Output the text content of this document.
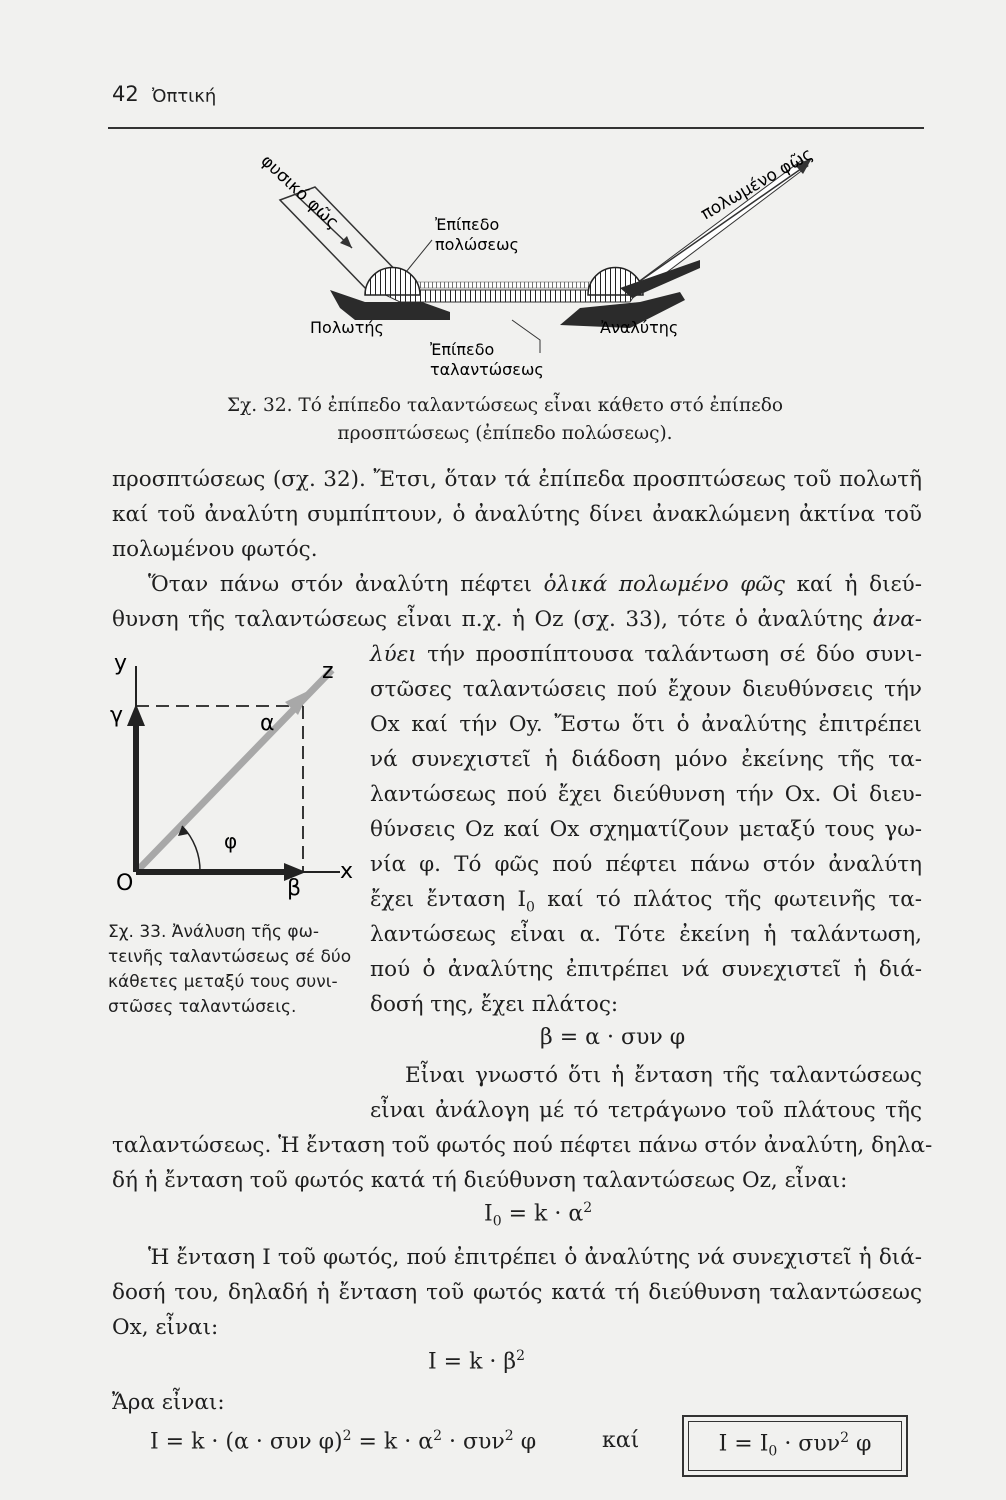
42 Ὀπτική
φυσικό φῶς	πολωμένο φῶς
Ἐπίπεδο
πολώσεως
Πολωτής	Ἀναλύτης
Ἐπίπεδο
ταλαντώσεως
Σχ. 32. Τό ἐπίπεδο ταλαντώσεως εἶναι κάθετο στό ἐπίπεδο
προσπτώσεως (ἐπίπεδο πολώσεως).
προσπτώσεως (σχ. 32). Ἔτσι, ὅταν τά ἐπίπεδα προσπτώσεως τοῦ πολωτῆ
καί τοῦ ἀναλύτη συμπίπτουν, ὁ ἀναλύτης δίνει ἀνακλώμενη ἀκτίνα τοῦ
πολωμένου φωτός.
Ὅταν πάνω στόν ἀναλύτη πέφτει ὁλικά πολωμένο φῶς καί ἡ διεύ-
θυνση τῆς ταλαντώσεως εἶναι π.χ. ἡ Oz (σχ. 33), τότε ὁ ἀναλύτης ἀνα-
λύει τήν προσπίπτουσα ταλάντωση σέ δύο συνι-
στῶσες ταλαντώσεις πού ἔχουν διευθύνσεις τήν
Ox καί τήν Oy. Ἔστω ὅτι ὁ ἀναλύτης ἐπιτρέπει
νά συνεχιστεῖ ἡ διάδοση μόνο ἐκείνης τῆς τα-
λαντώσεως πού ἔχει διεύθυνση τήν Ox. Οἱ διευ-
θύνσεις Oz καί Ox σχηματίζουν μεταξύ τους γω-
νία φ. Τό φῶς πού πέφτει πάνω στόν ἀναλύτη
ἔχει ἔνταση $I_0$ καί τό πλάτος τῆς φωτεινῆς τα-
λαντώσεως εἶναι α. Τότε ἐκείνη ἡ ταλάντωση,
πού ὁ ἀναλύτης ἐπιτρέπει νά συνεχιστεῖ ἡ διά-
δοσή της, ἔχει πλάτος:
β = α · συν φ
y
γ	α
z
φ
O	β
x
Σχ. 33. Ἀνάλυση τῆς φω-
τεινῆς ταλαντώσεως σέ δύο
κάθετες μεταξύ τους συνι-
στῶσες ταλαντώσεις.
Εἶναι γνωστό ὅτι ἡ ἔνταση τῆς ταλαντώσεως
εἶναι ἀνάλογη μέ τό τετράγωνο τοῦ πλάτους τῆς
ταλαντώσεως. Ἡ ἔνταση τοῦ φωτός πού πέφτει πάνω στόν ἀναλύτη, δηλα-
δή ἡ ἔνταση τοῦ φωτός κατά τή διεύθυνση ταλαντώσεως Oz, εἶναι:
$I_0 = k \cdot \alpha^2$
Ἡ ἔνταση I τοῦ φωτός, πού ἐπιτρέπει ὁ ἀναλύτης νά συνεχιστεῖ ἡ διά-
δοσή του, δηλαδή ἡ ἔνταση τοῦ φωτός κατά τή διεύθυνση ταλαντώσεως
Ox, εἶναι:
$I = k \cdot \beta^2$
Ἄρα εἶναι:
I = k · (α · συν $\varphi)^2 = k \cdot \alpha^2 \cdot \sigma\upsilon\nu^2$ φ	καί	$I = I_0 \cdot \sigma\upsilon\nu^2$ φ
